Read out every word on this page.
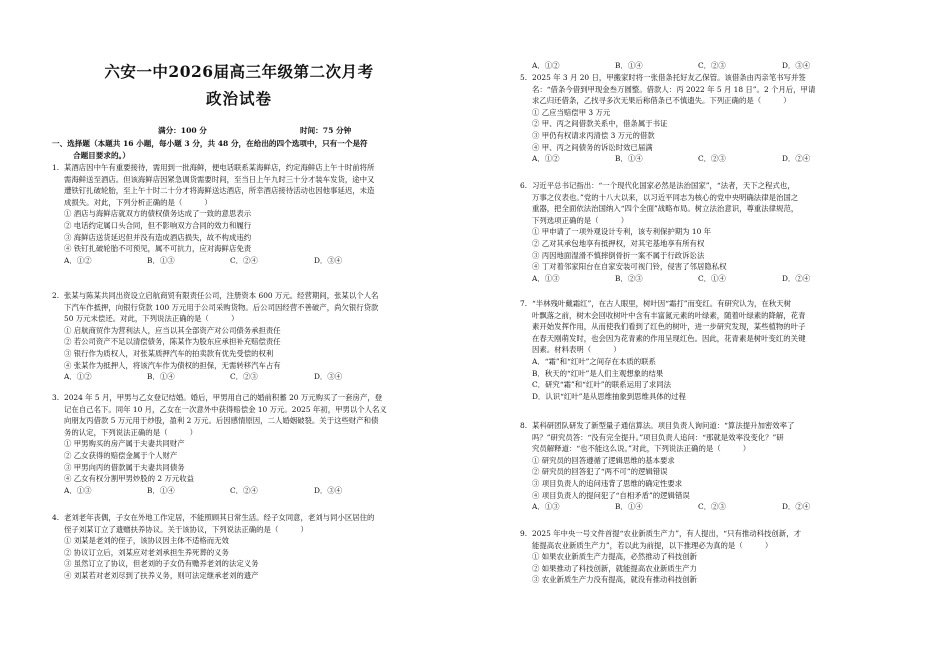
六安一中2026届高三年级第二次月考
政治试卷
满分：100 分	时间：75 分钟

一、选择题（本题共 16 小题，每小题 3 分，共 48 分，在给出的四个选项中，只有一个是符

合题目要求的。）

1. 某酒店因中午有重要接待，需用到一批海鲜，便电话联系某海鲜店，约定海鲜店上午十时前将所

需海鲜送至酒店。但该海鲜店因紧急调货需要时间，至当日上午九时三十分才装车发货，途中又

遭铁钉扎破轮胎，至上午十时二十分才将海鲜送达酒店，所幸酒店接待活动也因他事延迟，未造

成损失。对此，下列分析正确的是（　　　）

① 酒店与海鲜店就双方的债权债务达成了一致的意思表示

② 电话约定属口头合同，但不影响双方合同的效力和履行

③ 海鲜店送货延迟但并没有造成酒店损失，故不构成违约

④ 铁钉扎破轮胎不可预见，属不可抗力，应对海鲜店免责

A．①②	B．①③	C．②④	D．③④

2. 张某与陈某共同出资设立启航商贸有限责任公司，注册资本 600 万元。经营期间，张某以个人名

下汽车作抵押，向银行贷款 100 万元用于公司采购货物。后公司因经营不善破产，尚欠银行贷款

50 万元未偿还。对此，下列说法正确的是（　　　）

① 启航商贸作为营利法人，应当以其全部资产对公司债务承担责任

② 若公司资产不足以清偿债务，陈某作为股东应承担补充赔偿责任

③ 银行作为质权人，对张某质押汽车的拍卖款有优先受偿的权利

④ 张某作为抵押人，将该汽车作为债权的担保，无需转移汽车占有

A．①②	B．①④	C．②③	D．③④

3. 2024 年 5 月，甲男与乙女登记结婚。婚后，甲男用自己的婚前积蓄 20 万元购买了一套房产，登

记在自己名下。同年 10 月，乙女在一次意外中获得赔偿金 10 万元。2025 年初，甲男以个人名义

向朋友丙借款 5 万元用于炒股，盈利 2 万元。后因感情原因，二人婚姻破裂。关于这些财产和债

务的认定，下列说法正确的是（　　　）

① 甲男购买的房产属于夫妻共同财产

② 乙女获得的赔偿金属于个人财产

③ 甲男向丙的借款属于夫妻共同债务

④ 乙女有权分割甲男炒股的 2 万元收益

A．①③	B．①④	C．②④	D．③④

4. 老刘老年丧偶，子女在外地工作定居，不能照顾其日常生活。经子女同意，老刘与同小区居住的

侄子刘某订立了遗赠扶养协议。关于该协议，下列说法正确的是（　　　）

① 刘某是老刘的侄子，该协议因主体不适格而无效

② 协议订立后，刘某应对老刘承担生养死葬的义务

③ 虽然订立了协议，但老刘的子女仍有赡养老刘的法定义务

④ 刘某若对老刘尽到了扶养义务，则可法定继承老刘的遗产

A．①②	B．①④	C．②③	D．③④

5. 2025 年 3 月 20 日，甲搬家时将一张借条托好友乙保管。该借条由丙亲笔书写并签

名：“借条今借到甲现金叁万圆整。借款人：丙 2022 年 5 月 18 日”。2 个月后，甲请

求乙归还借条，乙找寻多次无果后称借条已不慎遗失。下列正确的是（　　　）

① 乙应当赔偿甲 3 万元

② 甲、丙之间借款关系中，借条属于书证

③ 甲仍有权请求丙清偿 3 万元的借款

④ 甲、丙之间债务的诉讼时效已届满

A．①②	B．①④	C．②③	D．②④

6. 习近平总书记指出：“一个现代化国家必然是法治国家”，“法者，天下之程式也，

万事之仪表也。”党的十八大以来，以习近平同志为核心的党中央明确法律是治国之

重器，把全面依法治国纳入“四个全面”战略布局。树立法治意识，尊重法律规范，

下列选项正确的是（　　　）

① 甲申请了一项外观设计专利，该专利保护期为 10 年

② 乙对其承包地享有抵押权，对其宅基地享有所有权

③ 丙因地面湿滑不慎摔倒骨折一案不属于行政诉讼法

④ 丁对着邻家阳台在自家安装可视门铃，侵害了邻居隐私权

A．①③	B．②③	C．①④	D．②④

7. “半林残叶戴霜红”，在古人眼里，树叶因“霜打”而变红。有研究认为，在秋天树

叶飘落之前，树木会回收树叶中含有丰富氮元素的叶绿素，随着叶绿素的降解，花青

素开始发挥作用，从而使我们看到了红色的树叶，进一步研究发现，某些植物的叶子

在春天刚萌发时，也会因为花青素的作用呈现红色。因此，花青素是树叶变红的关键

因素。材料表明（　　　）

A．“霜”和“红叶”之间存在本质的联系

B．秋天的“红叶”是人们主观想象的结果

C．研究“霜”和“红叶”的联系运用了求同法

D．认识“红叶”是从思维抽象到思维具体的过程

8. 某科研团队研发了新型量子通信算法。项目负责人询问道：“算法提升加密效率了

吗？”研究员答：“没有完全提升。”项目负责人追问：“那就是效率没变化？”研

究员解释道：“也不能这么说。”对此，下列说法正确的是（　　　）

① 研究员的回答遵循了逻辑思维的基本要求

② 研究员的回答犯了“两不可”的逻辑错误

③ 项目负责人的追问违背了思维的确定性要求

④ 项目负责人的提问犯了“自相矛盾”的逻辑错误

A．①③	B．①④	C．②③	D．②④

9. 2025 年中央一号文件首提“农业新质生产力”，有人提出，“只有推动科技创新，才

能提高农业新质生产力”，若以此为前提，以下推理必为真的是（　　　）

① 如果农业新质生产力提高，必然推动了科技创新

② 如果推动了科技创新，就能提高农业新质生产力

③ 农业新质生产力没有提高，就没有推动科技创新
